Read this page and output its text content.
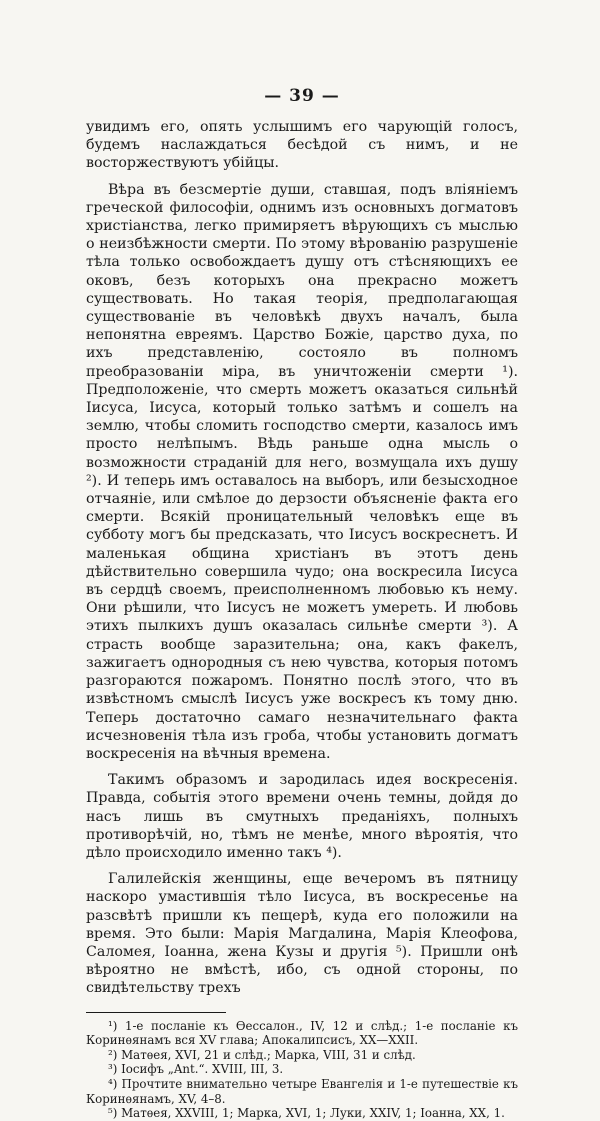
— 39 —

увидимъ его, опять услышимъ его чарующій голосъ, будемъ наслаждаться бесѣдой съ нимъ, и не восторжествуютъ убійцы.

Вѣра въ безсмертіе души, ставшая, подъ вліяніемъ греческой философіи, однимъ изъ основныхъ догматовъ христіанства, легко примиряетъ вѣрующихъ съ мыслью о неизбѣжности смерти. По этому вѣрованію разрушеніе тѣла только освобождаетъ душу отъ стѣсняющихъ ее оковъ, безъ которыхъ она прекрасно можетъ существовать. Но такая теорія, предполагающая существованіе въ человѣкѣ двухъ началъ, была непонятна евреямъ. Царство Божіе, царство духа, по ихъ представленію, состояло въ полномъ преобразованіи міра, въ уничтоженіи смерти ¹). Предположеніе, что смерть можетъ оказаться сильнѣй Іисуса, Іисуса, который только затѣмъ и сошелъ на землю, чтобы сломить господство смерти, казалось имъ просто нелѣпымъ. Вѣдь раньше одна мысль о возможности страданій для него, возмущала ихъ душу ²). И теперь имъ оставалось на выборъ, или безысходное отчаяніе, или смѣлое до дерзости объясненіе факта его смерти. Всякій проницательный человѣкъ еще въ субботу могъ бы предсказать, что Іисусъ воскреснетъ. И маленькая община христіанъ въ этотъ день дѣйствительно совершила чудо; она воскресила Іисуса въ сердцѣ своемъ, преисполненномъ любовью къ нему. Они рѣшили, что Іисусъ не можетъ умереть. И любовь этихъ пылкихъ душъ оказалась сильнѣе смерти ³). А страсть вообще заразительна; она, какъ факелъ, зажигаетъ однородныя съ нею чувства, которыя потомъ разгораются пожаромъ. Понятно послѣ этого, что въ извѣстномъ смыслѣ Іисусъ уже воскресъ къ тому дню. Теперь достаточно самаго незначительнаго факта исчезновенія тѣла изъ гроба, чтобы установить догматъ воскресенія на вѣчныя времена.

Такимъ образомъ и зародилась идея воскресенія. Правда, событія этого времени очень темны, дойдя до насъ лишь въ смутныхъ преданіяхъ, полныхъ противорѣчій, но, тѣмъ не менѣе, много вѣроятія, что дѣло происходило именно такъ ⁴).

Галилейскія женщины, еще вечеромъ въ пятницу наскоро умастившія тѣло Іисуса, въ воскресенье на разсвѣтѣ пришли къ пещерѣ, куда его положили на время. Это были: Марія Магдалина, Марія Клеофова, Саломея, Іоанна, жена Кузы и другія ⁵). Пришли онѣ вѣроятно не вмѣстѣ, ибо, съ одной стороны, по свидѣтельству трехъ

¹) 1-е посланіе къ Ѳессалон., IV, 12 и слѣд.; 1-е посланіе къ Коринѳянамъ вся XV глава; Апокалипсисъ, XX—XXII.
²) Матѳея, XVI, 21 и слѣд.; Марка, VIII, 31 и слѣд.
³) Іосифъ „Ant.“. XVIII, III, 3.
⁴) Прочтите внимательно четыре Евангелія и 1-е путешествіе къ Коринѳянамъ, XV, 4–8.
⁵) Матѳея, XXVIII, 1; Марка, XVI, 1; Луки, XXIV, 1; Іоанна, XX, 1.
